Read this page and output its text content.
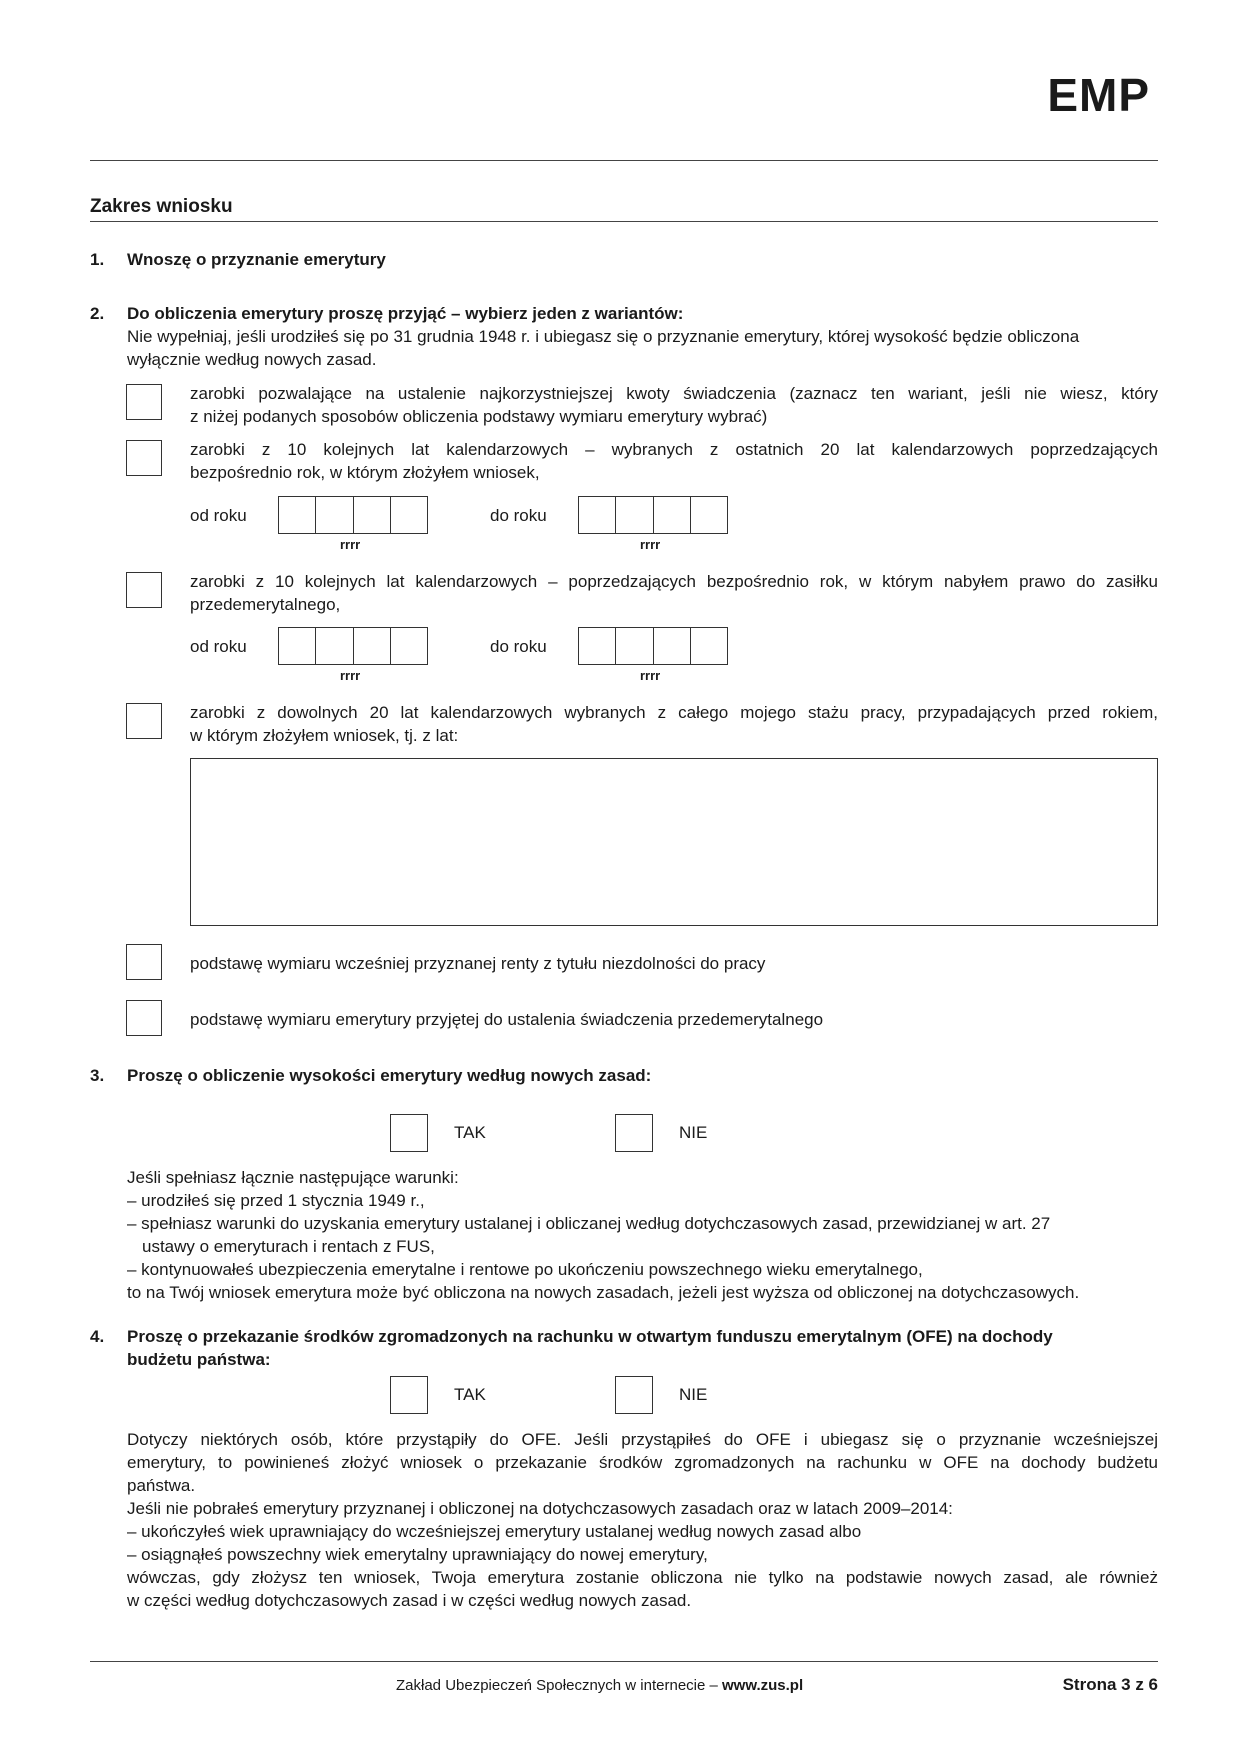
EMP
Zakres wniosku
1. Wnoszę o przyznanie emerytury
2. Do obliczenia emerytury proszę przyjąć – wybierz jeden z wariantów:
Nie wypełniaj, jeśli urodziłeś się po 31 grudnia 1948 r. i ubiegasz się o przyznanie emerytury, której wysokość będzie obliczona
wyłącznie według nowych zasad.
zarobki pozwalające na ustalenie najkorzystniejszej kwoty świadczenia (zaznacz ten wariant, jeśli nie wiesz, który
z niżej podanych sposobów obliczenia podstawy wymiaru emerytury wybrać)
zarobki z 10 kolejnych lat kalendarzowych – wybranych z ostatnich 20 lat kalendarzowych poprzedzających
bezpośrednio rok, w którym złożyłem wniosek,
od roku
rrrr
do roku
rrrr
zarobki z 10 kolejnych lat kalendarzowych – poprzedzających bezpośrednio rok, w którym nabyłem prawo do zasiłku
przedemerytalnego,
od roku
rrrr
do roku
rrrr
zarobki z dowolnych 20 lat kalendarzowych wybranych z całego mojego stażu pracy, przypadających przed rokiem,
w którym złożyłem wniosek, tj. z lat:
podstawę wymiaru wcześniej przyznanej renty z tytułu niezdolności do pracy
podstawę wymiaru emerytury przyjętej do ustalenia świadczenia przedemerytalnego
3. Proszę o obliczenie wysokości emerytury według nowych zasad:
TAK	NIE
Jeśli spełniasz łącznie następujące warunki:
– urodziłeś się przed 1 stycznia 1949 r.,
– spełniasz warunki do uzyskania emerytury ustalanej i obliczanej według dotychczasowych zasad, przewidzianej w art. 27
ustawy o emeryturach i rentach z FUS,
– kontynuowałeś ubezpieczenia emerytalne i rentowe po ukończeniu powszechnego wieku emerytalnego,
to na Twój wniosek emerytura może być obliczona na nowych zasadach, jeżeli jest wyższa od obliczonej na dotychczasowych.
4. Proszę o przekazanie środków zgromadzonych na rachunku w otwartym funduszu emerytalnym (OFE) na dochody
budżetu państwa:
TAK	NIE
Dotyczy niektórych osób, które przystąpiły do OFE. Jeśli przystąpiłeś do OFE i ubiegasz się o przyznanie wcześniejszej
emerytury, to powinieneś złożyć wniosek o przekazanie środków zgromadzonych na rachunku w OFE na dochody budżetu
państwa.
Jeśli nie pobrałeś emerytury przyznanej i obliczonej na dotychczasowych zasadach oraz w latach 2009–2014:
– ukończyłeś wiek uprawniający do wcześniejszej emerytury ustalanej według nowych zasad albo
– osiągnąłeś powszechny wiek emerytalny uprawniający do nowej emerytury,
wówczas, gdy złożysz ten wniosek, Twoja emerytura zostanie obliczona nie tylko na podstawie nowych zasad, ale również
w części według dotychczasowych zasad i w części według nowych zasad.
Zakład Ubezpieczeń Społecznych w internecie – www.zus.pl	Strona 3 z 6
